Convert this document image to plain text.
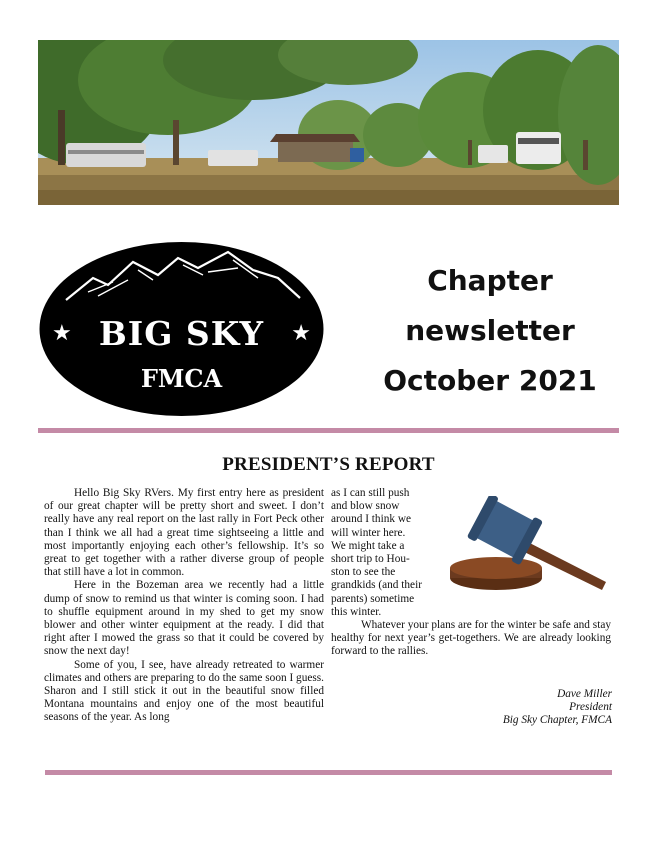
★	★
BIG SKY
FMCA
Chapter
newsletter
October 2021
PRESIDENT’S REPORT

Hello Big Sky RVers. My first entry here as president of our great chapter will be pretty short and sweet. I don’t really have any real report on the last rally in Fort Peck other than I think we all had a great time sightseeing a little and most importantly enjoying each other’s fellowship. It’s so great to get together with a rather diverse group of people that still have a lot in common.

Here in the Bozeman area we recently had a little dump of snow to remind us that winter is coming soon. I had to shuffle equipment around in my shed to get my snow blower and other winter equipment at the ready. I did that right after I mowed the grass so that it could be covered by snow the next day!

Some of you, I see, have already retreated to warmer climates and others are preparing to do the same soon I guess. Sharon and I still stick it out in the beautiful snow filled Montana mountains and enjoy one of the most beautiful seasons of the year. As long

as I can still push
and blow snow
around I think we
will winter here.
We might take a
short trip to Hou-
ston to see the
grandkids (and their
parents) sometime
this winter.

Whatever your plans are for the winter be safe and stay healthy for next year’s get-togethers. We are already looking forward to the rallies.

Dave Miller
President
Big Sky Chapter, FMCA
